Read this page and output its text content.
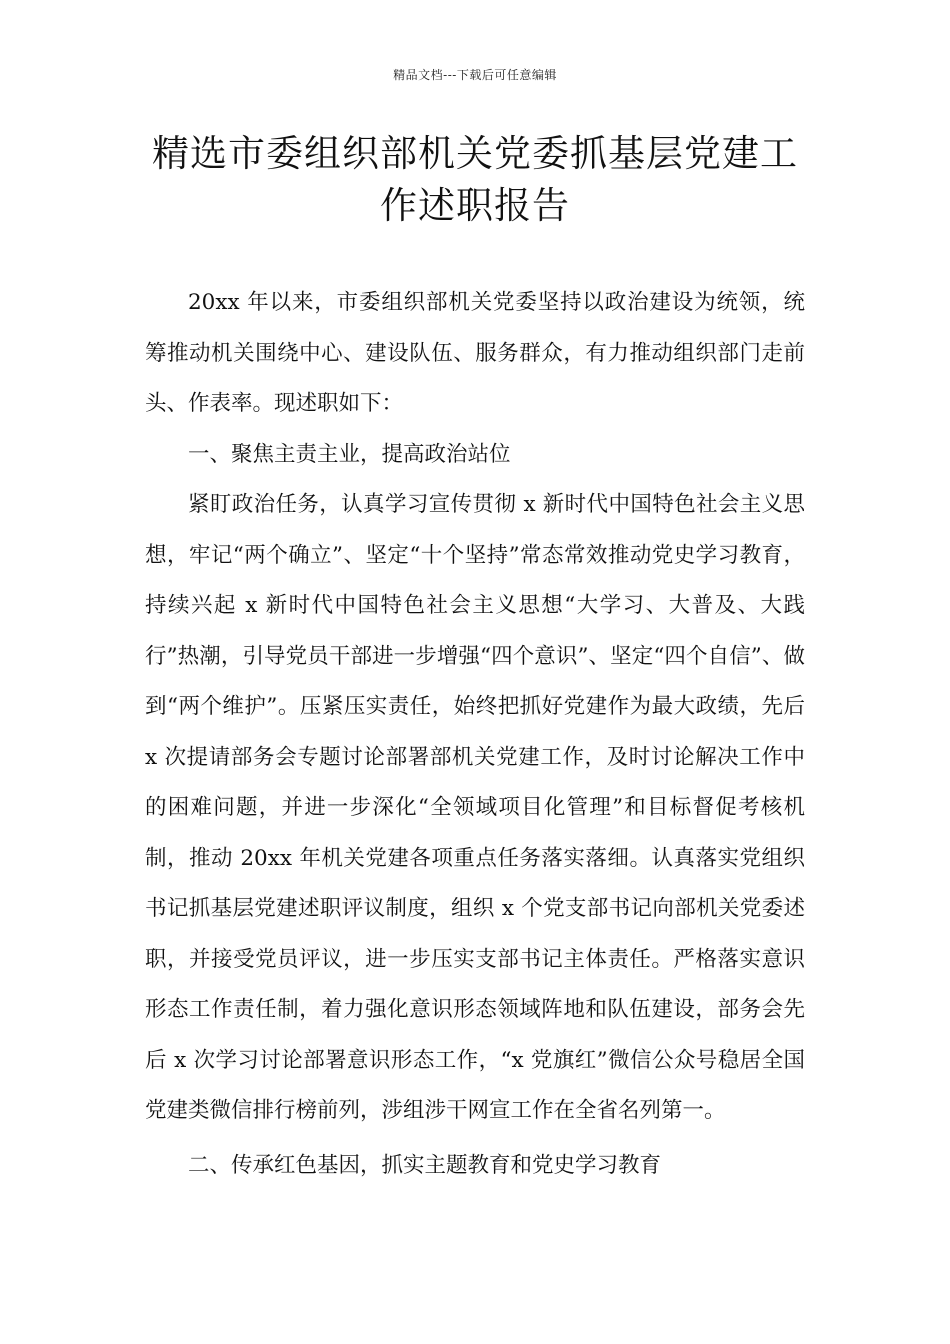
精品文档---下载后可任意编辑
精选市委组织部机关党委抓基层党建工作述职报告

20xx 年以来，市委组织部机关党委坚持以政治建设为统领，统筹推动机关围绕中心、建设队伍、服务群众，有力推动组织部门走前头、作表率。现述职如下：

一、聚焦主责主业，提高政治站位

紧盯政治任务，认真学习宣传贯彻 x 新时代中国特色社会主义思想，牢记“两个确立”、坚定“十个坚持”常态常效推动党史学习教育，持续兴起 x 新时代中国特色社会主义思想“大学习、大普及、大践行”热潮，引导党员干部进一步增强“四个意识”、坚定“四个自信”、做到“两个维护”。压紧压实责任，始终把抓好党建作为最大政绩，先后 x 次提请部务会专题讨论部署部机关党建工作，及时讨论解决工作中的困难问题，并进一步深化“全领域项目化管理”和目标督促考核机制，推动 20xx 年机关党建各项重点任务落实落细。认真落实党组织书记抓基层党建述职评议制度，组织 x 个党支部书记向部机关党委述职，并接受党员评议，进一步压实支部书记主体责任。严格落实意识形态工作责任制，着力强化意识形态领域阵地和队伍建设，部务会先后 x 次学习讨论部署意识形态工作，“x 党旗红”微信公众号稳居全国党建类微信排行榜前列，涉组涉干网宣工作在全省名列第一。

二、传承红色基因，抓实主题教育和党史学习教育
